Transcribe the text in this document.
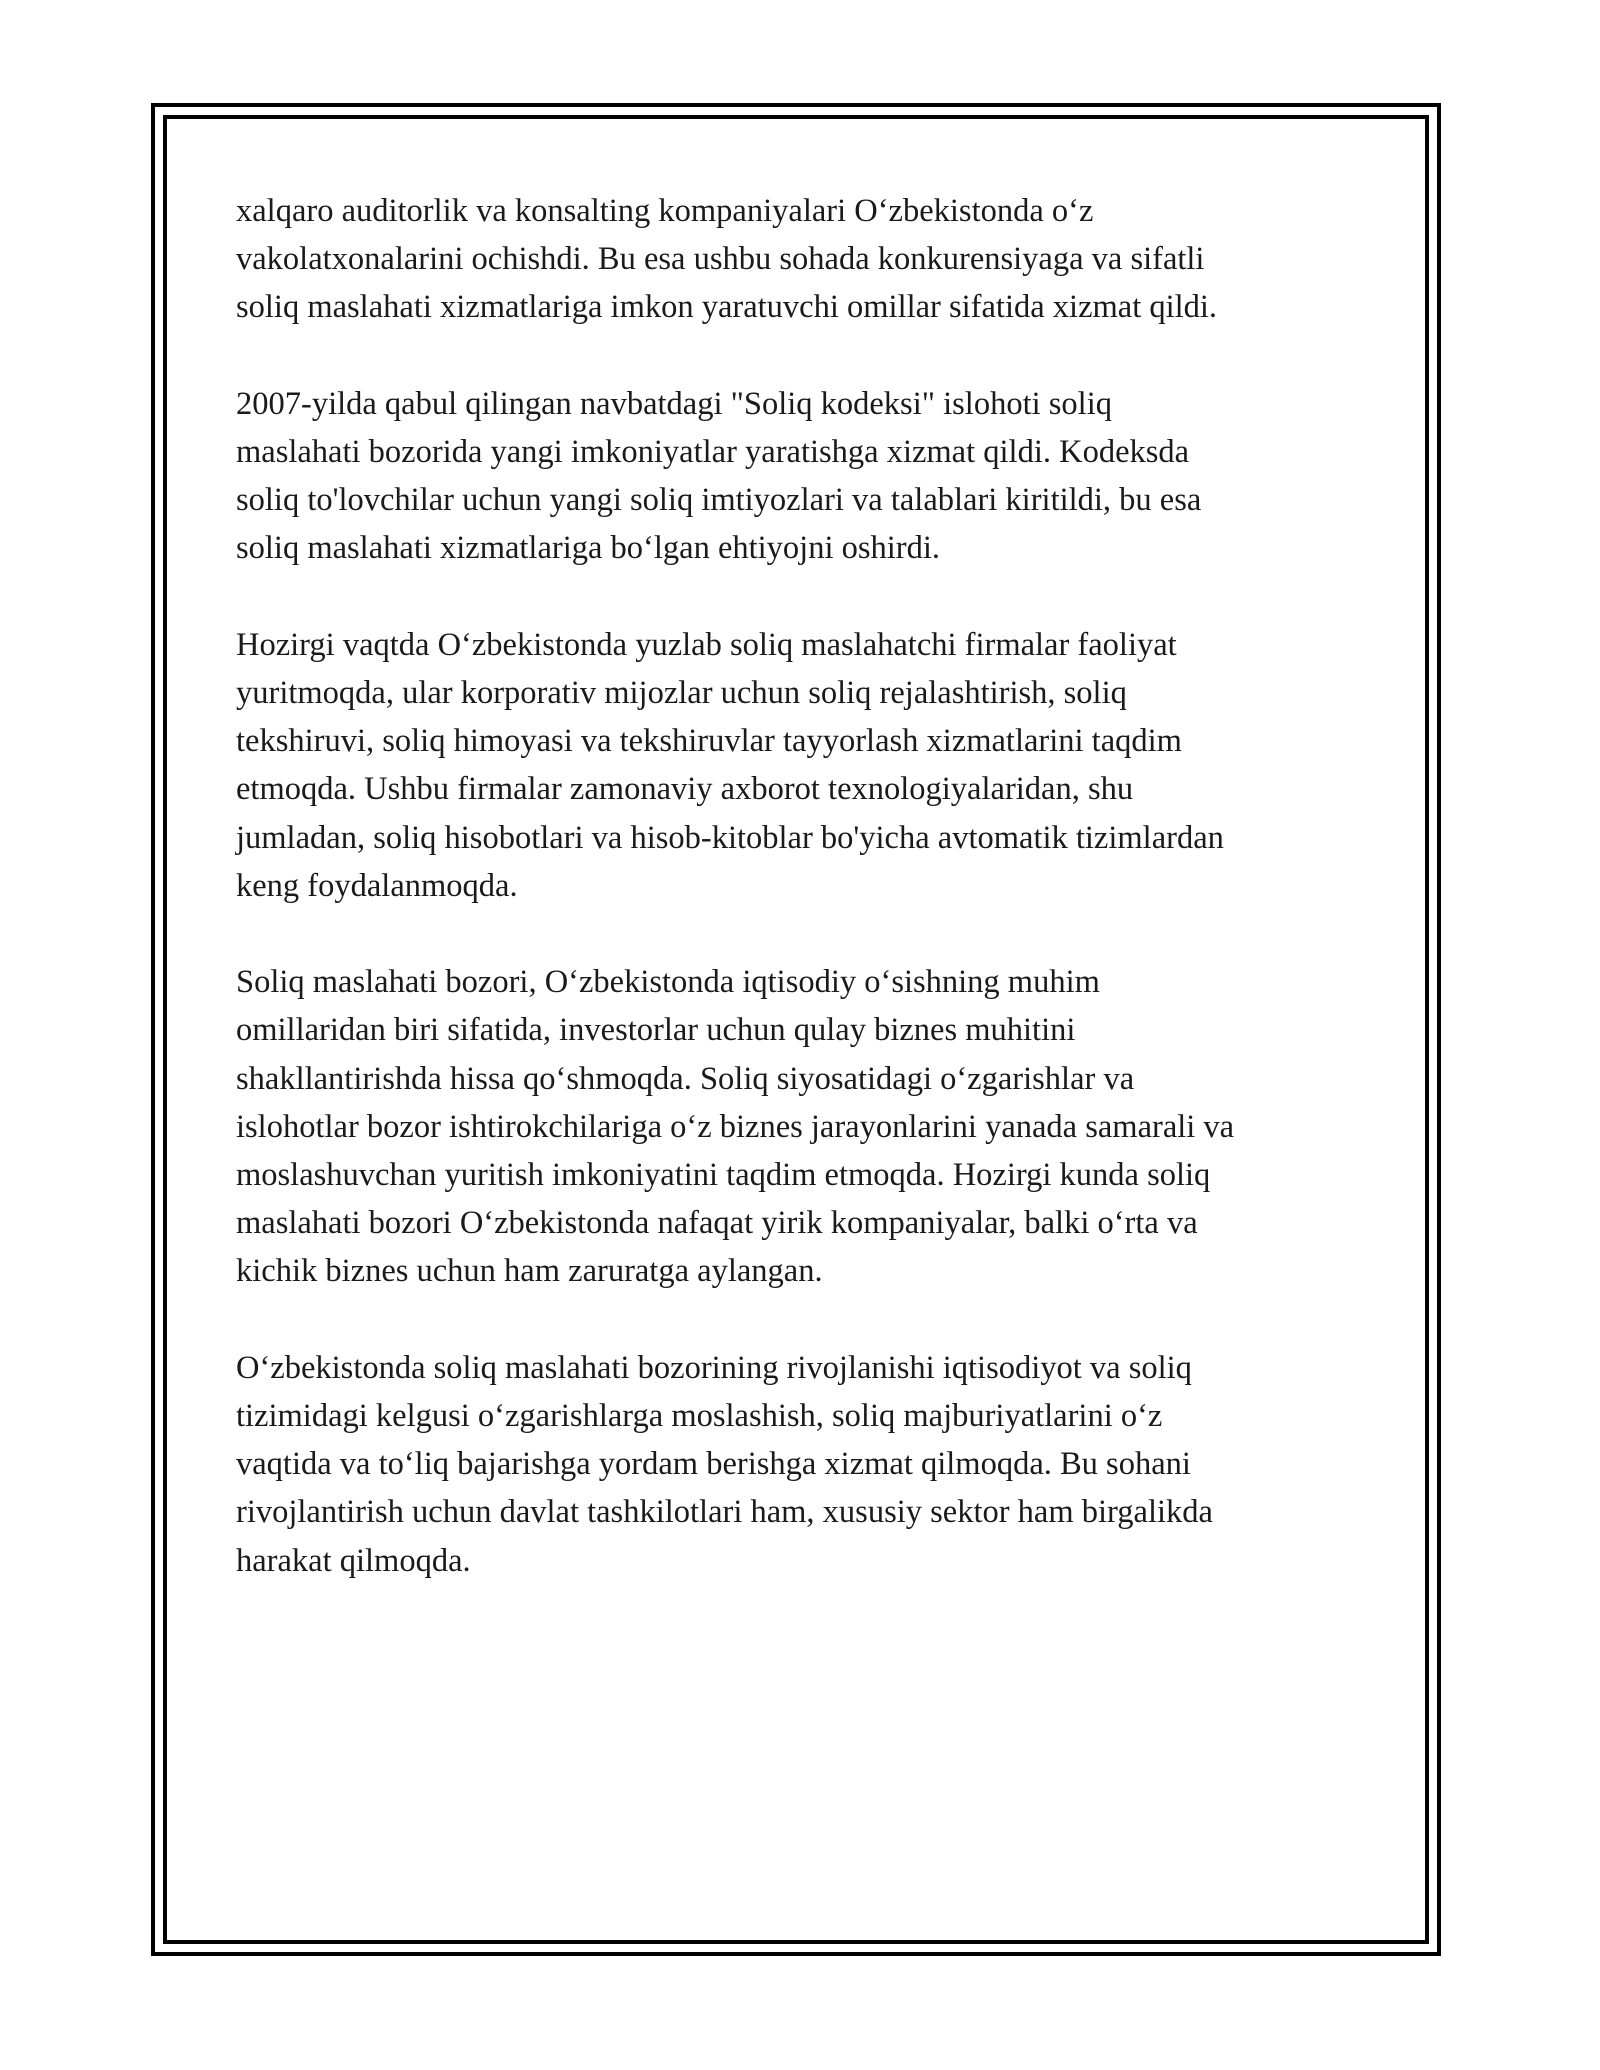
xalqaro auditorlik va konsalting kompaniyalari O‘zbekistonda o‘z
vakolatxonalarini ochishdi. Bu esa ushbu sohada konkurensiyaga va sifatli
soliq maslahati xizmatlariga imkon yaratuvchi omillar sifatida xizmat qildi.

2007-yilda qabul qilingan navbatdagi "Soliq kodeksi" islohoti soliq
maslahati bozorida yangi imkoniyatlar yaratishga xizmat qildi. Kodeksda
soliq to'lovchilar uchun yangi soliq imtiyozlari va talablari kiritildi, bu esa
soliq maslahati xizmatlariga bo‘lgan ehtiyojni oshirdi.

Hozirgi vaqtda O‘zbekistonda yuzlab soliq maslahatchi firmalar faoliyat
yuritmoqda, ular korporativ mijozlar uchun soliq rejalashtirish, soliq
tekshiruvi, soliq himoyasi va tekshiruvlar tayyorlash xizmatlarini taqdim
etmoqda. Ushbu firmalar zamonaviy axborot texnologiyalaridan, shu
jumladan, soliq hisobotlari va hisob-kitoblar bo'yicha avtomatik tizimlardan
keng foydalanmoqda.

Soliq maslahati bozori, O‘zbekistonda iqtisodiy o‘sishning muhim
omillaridan biri sifatida, investorlar uchun qulay biznes muhitini
shakllantirishda hissa qo‘shmoqda. Soliq siyosatidagi o‘zgarishlar va
islohotlar bozor ishtirokchilariga o‘z biznes jarayonlarini yanada samarali va
moslashuvchan yuritish imkoniyatini taqdim etmoqda. Hozirgi kunda soliq
maslahati bozori O‘zbekistonda nafaqat yirik kompaniyalar, balki o‘rta va
kichik biznes uchun ham zaruratga aylangan.

O‘zbekistonda soliq maslahati bozorining rivojlanishi iqtisodiyot va soliq
tizimidagi kelgusi o‘zgarishlarga moslashish, soliq majburiyatlarini o‘z
vaqtida va to‘liq bajarishga yordam berishga xizmat qilmoqda. Bu sohani
rivojlantirish uchun davlat tashkilotlari ham, xususiy sektor ham birgalikda
harakat qilmoqda.
